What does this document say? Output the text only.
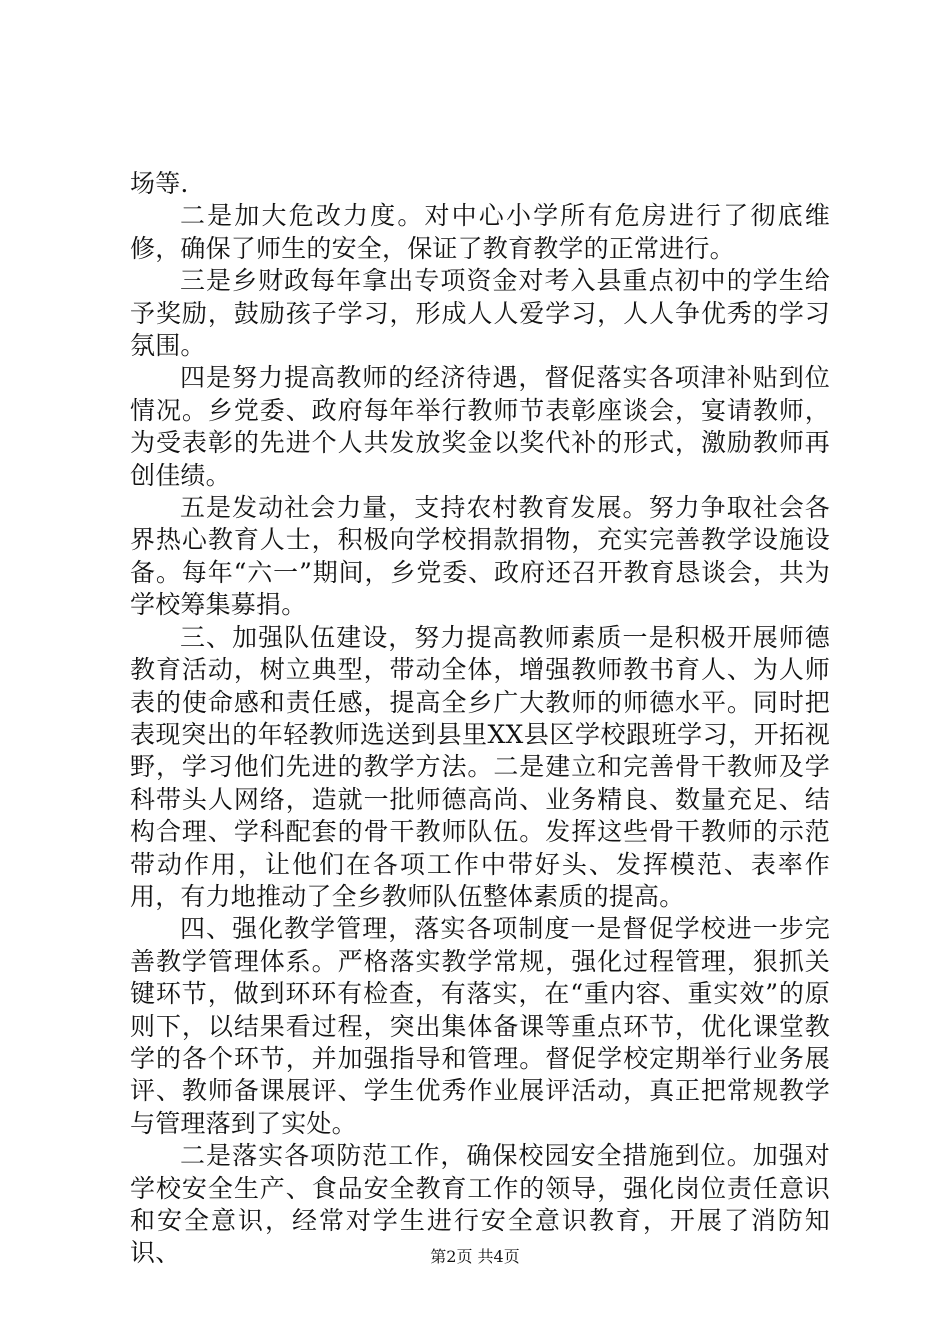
场等.

二是加大危改力度。对中心小学所有危房进行了彻底维修，确保了师生的安全，保证了教育教学的正常进行。

三是乡财政每年拿出专项资金对考入县重点初中的学生给予奖励，鼓励孩子学习，形成人人爱学习，人人争优秀的学习氛围。

四是努力提高教师的经济待遇，督促落实各项津补贴到位情况。乡党委、政府每年举行教师节表彰座谈会，宴请教师，为受表彰的先进个人共发放奖金以奖代补的形式，激励教师再创佳绩。

五是发动社会力量，支持农村教育发展。努力争取社会各界热心教育人士，积极向学校捐款捐物，充实完善教学设施设备。每年“六一”期间，乡党委、政府还召开教育恳谈会，共为学校筹集募捐。

三、加强队伍建设，努力提高教师素质一是积极开展师德教育活动，树立典型，带动全体，增强教师教书育人、为人师表的使命感和责任感，提高全乡广大教师的师德水平。同时把表现突出的年轻教师选送到县里XX县区学校跟班学习，开拓视野，学习他们先进的教学方法。二是建立和完善骨干教师及学科带头人网络，造就一批师德高尚、业务精良、数量充足、结构合理、学科配套的骨干教师队伍。发挥这些骨干教师的示范带动作用，让他们在各项工作中带好头、发挥模范、表率作用，有力地推动了全乡教师队伍整体素质的提高。

四、强化教学管理，落实各项制度一是督促学校进一步完善教学管理体系。严格落实教学常规，强化过程管理，狠抓关键环节，做到环环有检查，有落实，在“重内容、重实效”的原则下，以结果看过程，突出集体备课等重点环节，优化课堂教学的各个环节，并加强指导和管理。督促学校定期举行业务展评、教师备课展评、学生优秀作业展评活动，真正把常规教学与管理落到了实处。

二是落实各项防范工作，确保校园安全措施到位。加强对学校安全生产、食品安全教育工作的领导，强化岗位责任意识和安全意识，经常对学生进行安全意识教育，开展了消防知识、	第2页 共4页
